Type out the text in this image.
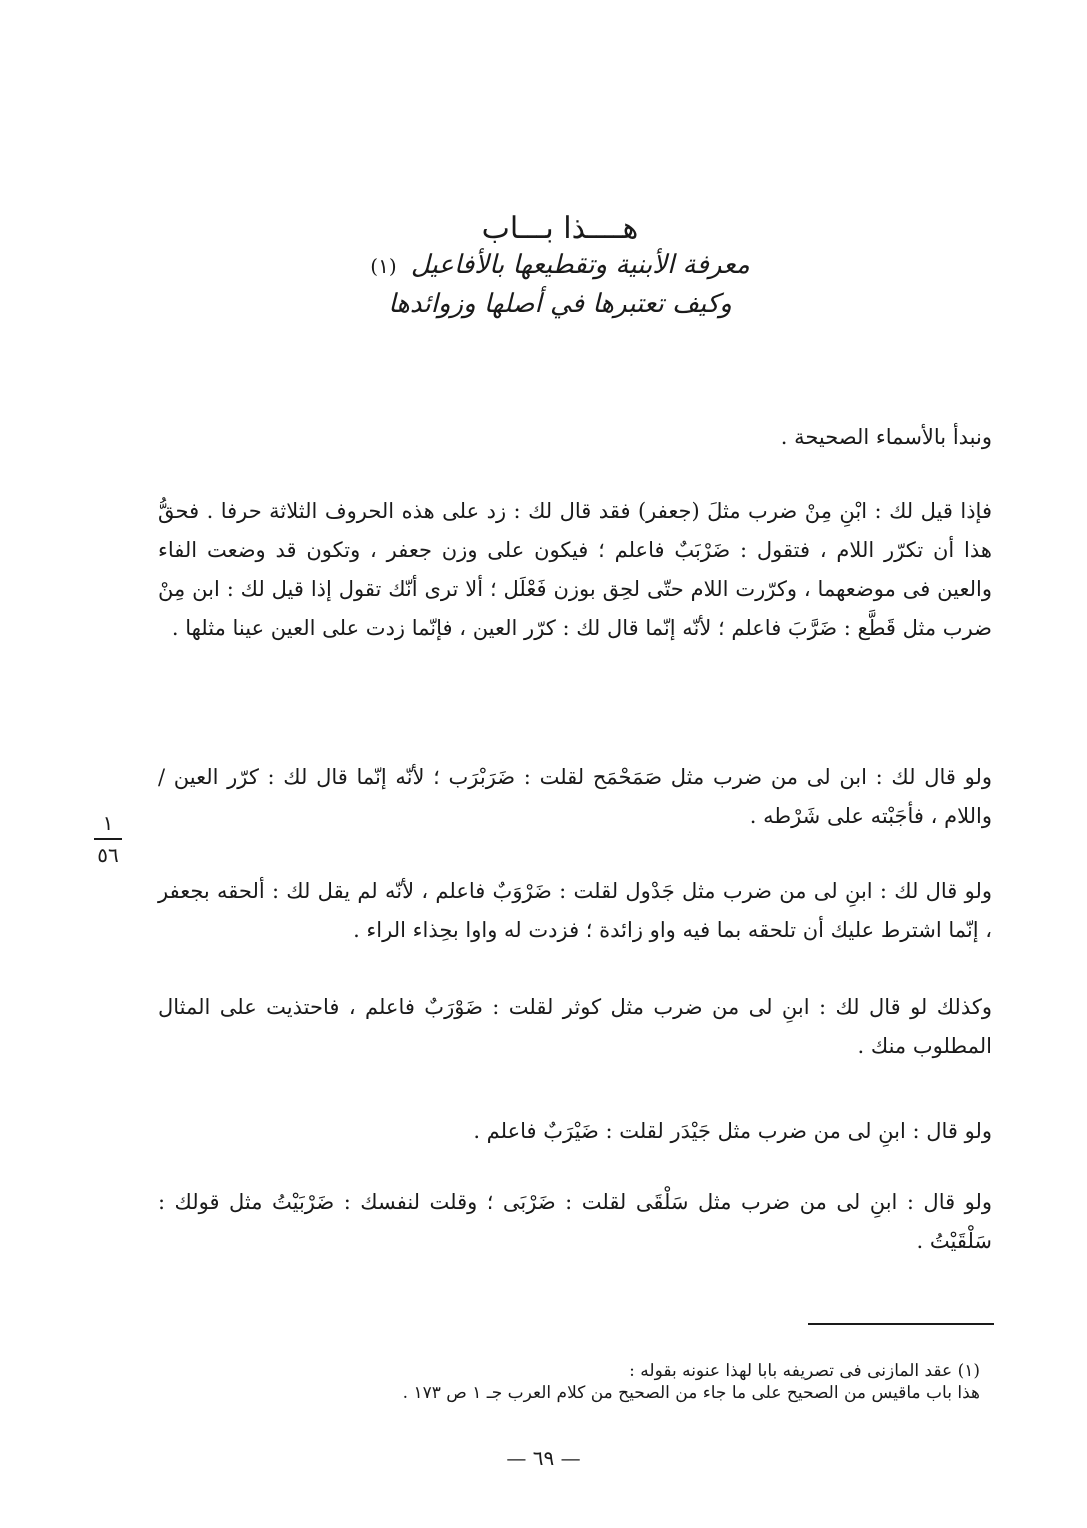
هــــذا بـــاب
معرفة الأبنية وتقطيعها بالأفاعيل (١)
وكيف تعتبرها في أصلها وزوائدها

ونبدأ بالأسماء الصحيحة .

فإذا قيل لك : ابْنِ مِنْ ضرب مثلَ (جعفر) فقد قال لك : زد على هذه الحروف الثلاثة حرفا . فحقُّ هذا أن تكرّر اللام ، فتقول : ضَرْبَبٌ فاعلم ؛ فيكون على وزن جعفر ، وتكون قد وضعت الفاء والعين فى موضعهما ، وكرّرت اللام حتّى لحِق بوزن فَعْلَل ؛ ألا ترى أنّك تقول إذا قيل لك : ابن مِنْ ضرب مثل قَطَّع : ضَرَّبَ فاعلم ؛ لأنّه إنّما قال لك : كرّر العين ، فإنّما زدت على العين عينا مثلها .

ولو قال لك : ابن لى من ضرب مثل صَمَحْمَح لقلت : ضَرَبْرَب ؛ لأنّه إنّما قال لك : كرّر العين / واللام ، فأجَبْته على شَرْطه .

ولو قال لك : ابنِ لى من ضرب مثل جَدْول لقلت : ضَرْوَبٌ فاعلم ، لأنّه لم يقل لك : ألحقه بجعفر ، إنّما اشترط عليك أن تلحقه بما فيه واو زائدة ؛ فزدت له واوا بحِذاء الراء .

وكذلك لو قال لك : ابنِ لى من ضرب مثل كوثر لقلت : ضَوْرَبٌ فاعلم ، فاحتذيت على المثال المطلوب منك .

ولو قال : ابنِ لى من ضرب مثل جَيْدَر لقلت : ضَيْرَبٌ فاعلم .

ولو قال : ابنِ لى من ضرب مثل سَلْقَى لقلت : ضَرْبَى ؛ وقلت لنفسك : ضَرْبَيْتُ مثل قولك : سَلْقَيْتُ .

١
٥٦
(١) عقد المازنى فى تصريفه بابا لهذا عنونه بقوله :
هذا باب ماقيس من الصحيح على ما جاء من الصحيح من كلام العرب جـ ١ ص ١٧٣ .
— ٦٩ —
